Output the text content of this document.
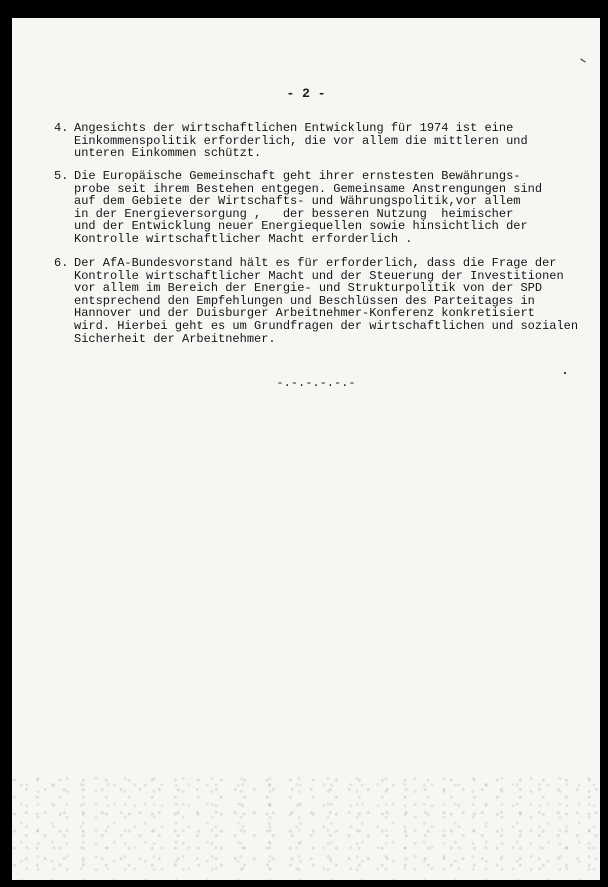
- 2 -
4. Angesichts der wirtschaftlichen Entwicklung für 1974 ist eine
Einkommenspolitik erforderlich, die vor allem die mittleren und
unteren Einkommen schützt.
5. Die Europäische Gemeinschaft geht ihrer ernstesten Bewährungs-
probe seit ihrem Bestehen entgegen. Gemeinsame Anstrengungen sind
auf dem Gebiete der Wirtschafts- und Währungspolitik,vor allem
in der Energieversorgung ,   der besseren Nutzung  heimischer
und der Entwicklung neuer Energiequellen sowie hinsichtlich der
Kontrolle wirtschaftlicher Macht erforderlich .
6. Der AfA-Bundesvorstand hält es für erforderlich, dass die Frage der
Kontrolle wirtschaftlicher Macht und der Steuerung der Investitionen
vor allem im Bereich der Energie- und Strukturpolitik von der SPD
entsprechend den Empfehlungen und Beschlüssen des Parteitages in
Hannover und der Duisburger Arbeitnehmer-Konferenz konkretisiert
wird. Hierbei geht es um Grundfragen der wirtschaftlichen und sozialen
Sicherheit der Arbeitnehmer.
-.-.-.-.-.-
